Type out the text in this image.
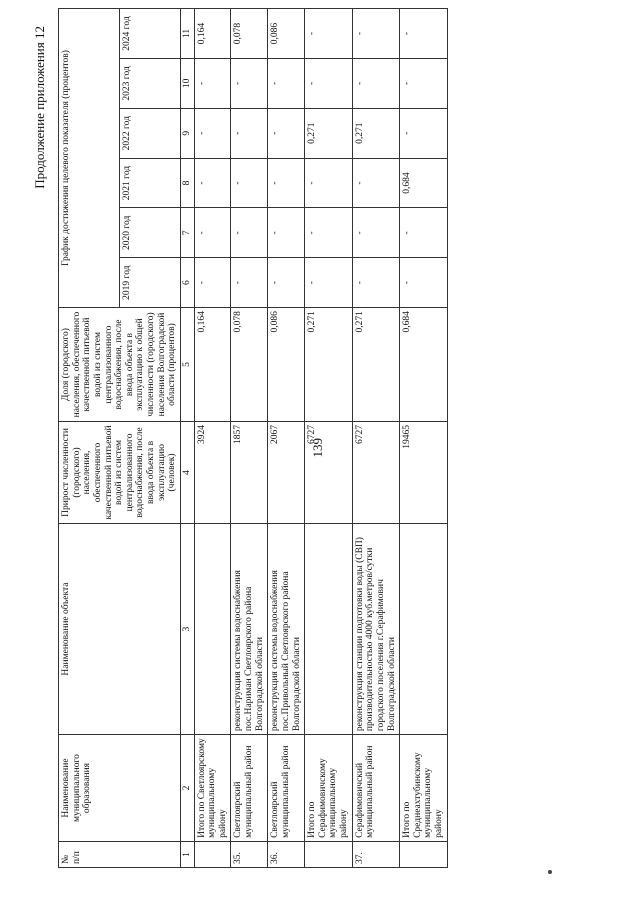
139
Продолжение приложения 12
№ п/п	Наименование муниципального образования	Наименование объекта	Прирост численности (городского) населения, обеспеченного качественной питьевой водой из систем централизованного водоснабжения, после ввода объекта в эксплуатацию (человек)	Доля (городского) населения, обеспеченного качественной питьевой водой из систем централизованного водоснабжения, после ввода объекта в эксплуатацию к общей численности (городского) населения Волгоградской области (процентов)	График достижения целевого показателя (процентов)					
					2019 год	2020 год	2021 год	2022 год	2023 год	2024 год
1	2	3	4	5	6	7	8	9	10	11
	Итого по Светлоярскому муниципальному району		3924	0,164	-	-	-	-	-	0,164
35.	Светлоярский муниципальный район	реконструкция системы водоснабжения пос.Нариман Светлоярского района Волгоградской области	1857	0,078	-	-	-	-	-	0,078
36.	Светлоярский муниципальный район	реконструкция системы водоснабжения пос.Привольный Светлоярского района Волгоградской области	2067	0,086	-	-	-	-	-	0,086
	Итого по Серафимовичскому муниципальному району		6727	0,271	-	-	-	0,271	-	-
37.	Серафимовичский муниципальный район	реконструкция станции подготовки воды (СВП) производительностью 4000 куб.метров/сутки городского поселения г.Серафимович Волгоградской области	6727	0,271	-	-	-	0,271	-	-
	Итого по Среднеахтубинскому муниципальному району		19465	0,684	-	-	0,684	-	-	-
